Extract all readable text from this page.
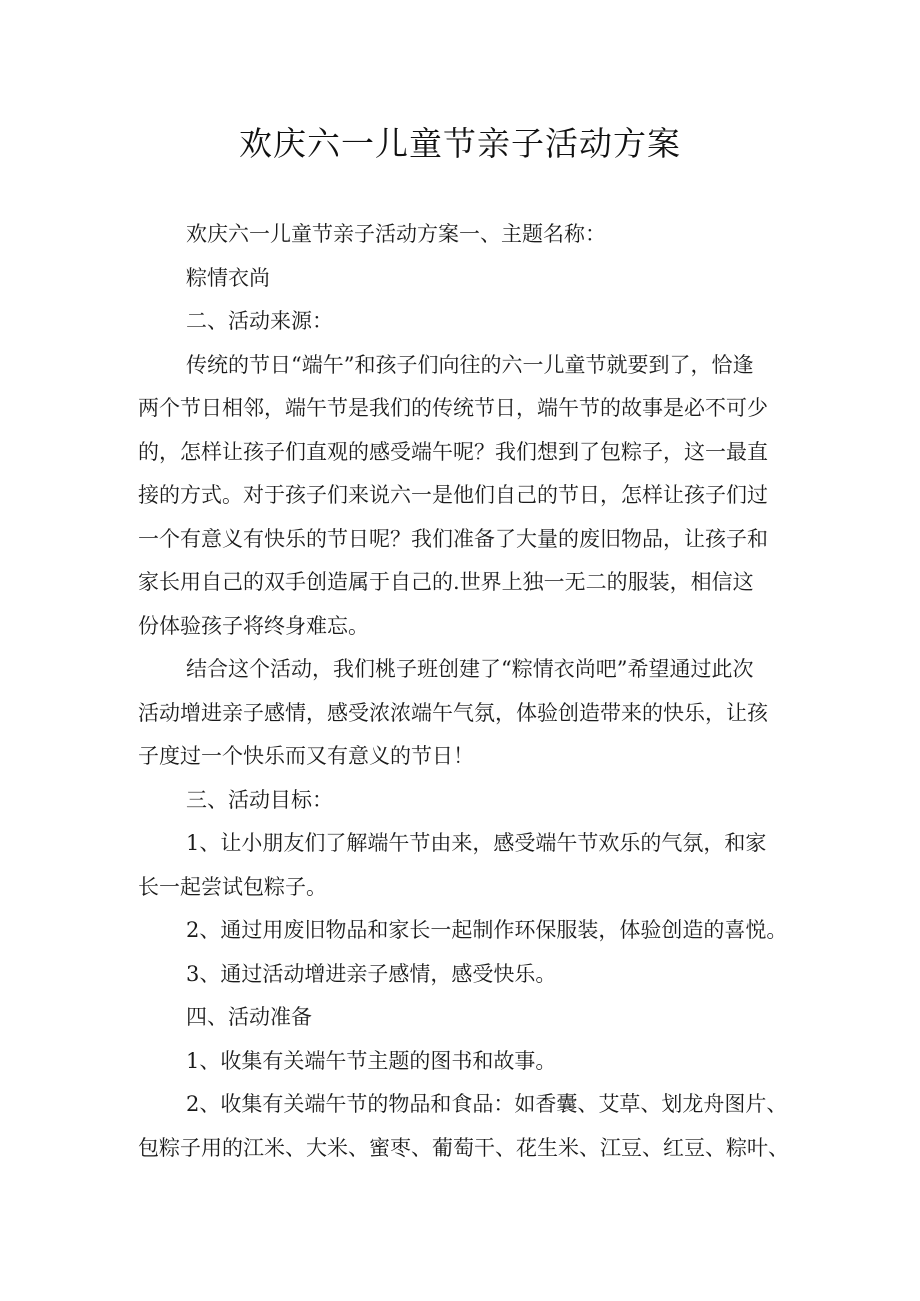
欢庆六一儿童节亲子活动方案
欢庆六一儿童节亲子活动方案一、主题名称：
粽情衣尚
二、活动来源：
传统的节日“端午”和孩子们向往的六一儿童节就要到了，恰逢
两个节日相邻，端午节是我们的传统节日，端午节的故事是必不可少
的，怎样让孩子们直观的感受端午呢？我们想到了包粽子，这一最直
接的方式。对于孩子们来说六一是他们自己的节日，怎样让孩子们过
一个有意义有快乐的节日呢？我们准备了大量的废旧物品，让孩子和
家长用自己的双手创造属于自己的.世界上独一无二的服装，相信这
份体验孩子将终身难忘。
结合这个活动，我们桃子班创建了“粽情衣尚吧”希望通过此次
活动增进亲子感情，感受浓浓端午气氛，体验创造带来的快乐，让孩
子度过一个快乐而又有意义的节日！
三、活动目标：
1、让小朋友们了解端午节由来，感受端午节欢乐的气氛，和家
长一起尝试包粽子。
2、通过用废旧物品和家长一起制作环保服装，体验创造的喜悦。
3、通过活动增进亲子感情，感受快乐。
四、活动准备
1、收集有关端午节主题的图书和故事。
2、收集有关端午节的物品和食品：如香囊、艾草、划龙舟图片、
包粽子用的江米、大米、蜜枣、葡萄干、花生米、江豆、红豆、粽叶、
